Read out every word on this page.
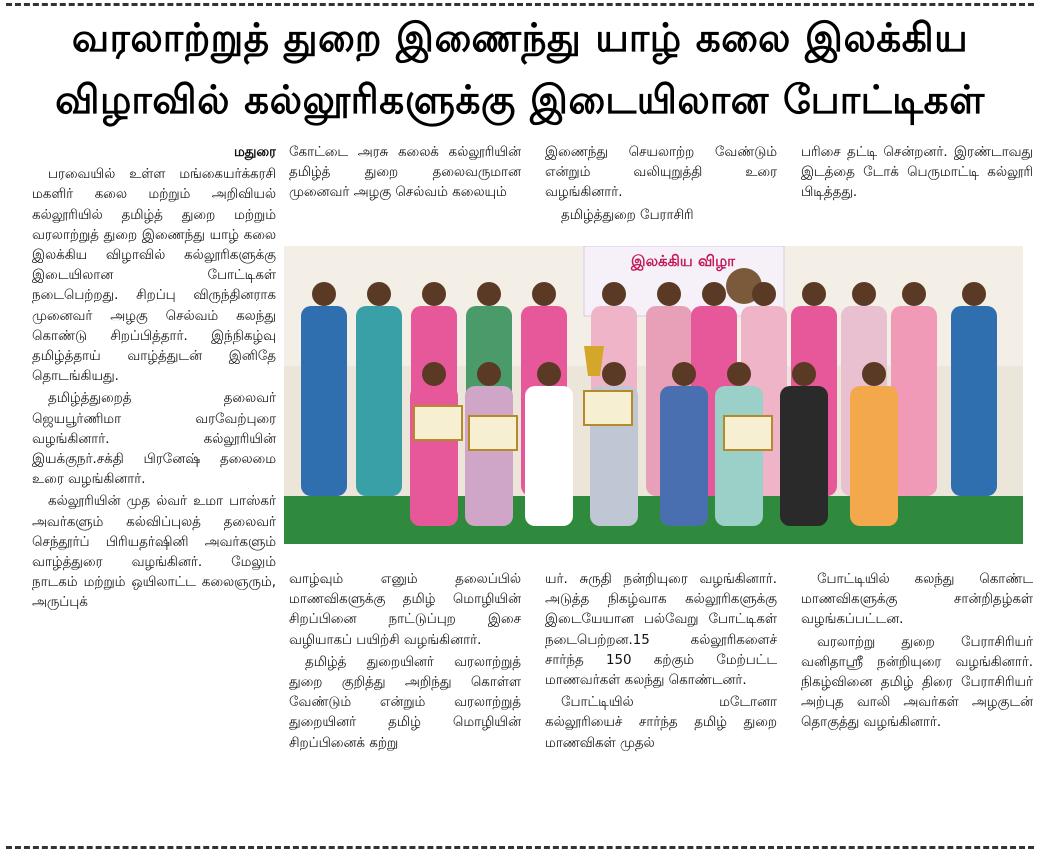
வரலாற்றுத் துறை இணைந்து யாழ் கலை இலக்கிய
விழாவில் கல்லூரிகளுக்கு இடையிலான போட்டிகள்

மதுரை

பரவையில் உள்ள மங்கையர்க்கரசி மகளிர் கலை மற்றும் அறிவியல் கல்லூரியில் தமிழ்த் துறை மற்றும் வரலாற்றுத் துறை இணைந்து யாழ் கலை இலக்கிய விழாவில் கல்லூரிகளுக்கு இடையிலான போட்டிகள் நடைபெற்றது. சிறப்பு விருந்தினராக முனைவர் அழகு செல்வம் கலந்து கொண்டு சிறப்பித்தார். இந்நிகழ்வு தமிழ்த்தாய் வாழ்த்துடன் இனிதே தொடங்கியது.

தமிழ்த்துறைத் தலைவர் ஜெயபூர்ணிமா வரவேற்புரை வழங்கினார். கல்லூரியின் இயக்குநர்.சக்தி பிரனேஷ் தலைமை உரை வழங்கினார்.

கல்லூரியின் முத ல்வர் உமா பாஸ்கர் அவர்களும் கல்விப்புலத் தலைவர் செந்தூர்ப் பிரியதர்ஷினி அவர்களும் வாழ்த்துரை வழங்கினர். மேலும் நாடகம் மற்றும் ஒயிலாட்ட கலைஞரும், அருப்புக்

கோட்டை அரசு கலைக் கல்லூரியின் தமிழ்த் துறை தலைவருமான முனைவர் அழகு செல்வம் கலையும்

இணைந்து செயலாற்ற வேண்டும் என்றும் வலியுறுத்தி உரை வழங்கினார்.

தமிழ்த்துறை பேராசிரி

பரிசை தட்டி சென்றனர். இரண்டாவது இடத்தை டோக் பெருமாட்டி கல்லூரி பிடித்தது.

இலக்கிய விழா

வாழ்வும் எனும் தலைப்பில் மாணவிகளுக்கு தமிழ் மொழியின் சிறப்பினை நாட்டுப்புற இசை வழியாகப் பயிற்சி வழங்கினார்.

தமிழ்த் துறையினர் வரலாற்றுத் துறை குறித்து அறிந்து கொள்ள வேண்டும் என்றும் வரலாற்றுத் துறையினர் தமிழ் மொழியின் சிறப்பினைக் கற்று

யர். சுருதி நன்றியுரை வழங்கினார். அடுத்த நிகழ்வாக கல்லூரிகளுக்கு இடையேயான பல்வேறு போட்டிகள் நடைபெற்றன.15 கல்லூரிகளைச் சார்ந்த 150 கற்கும் மேற்பட்ட மாணவர்கள் கலந்து கொண்டனர்.

போட்டியில் மடோனா கல்லூரியைச் சார்ந்த தமிழ் துறை மாணவிகள் முதல்

போட்டியில் கலந்து கொண்ட மாணவிகளுக்கு சான்றிதழ்கள் வழங்கப்பட்டன.

வரலாற்று துறை பேராசிரியர் வனிதாஸ்ரீ நன்றியுரை வழங்கினார். நிகழ்வினை தமிழ் திரை பேராசிரியர் அற்புத வாலி அவர்கள் அழகுடன் தொகுத்து வழங்கினார்.
